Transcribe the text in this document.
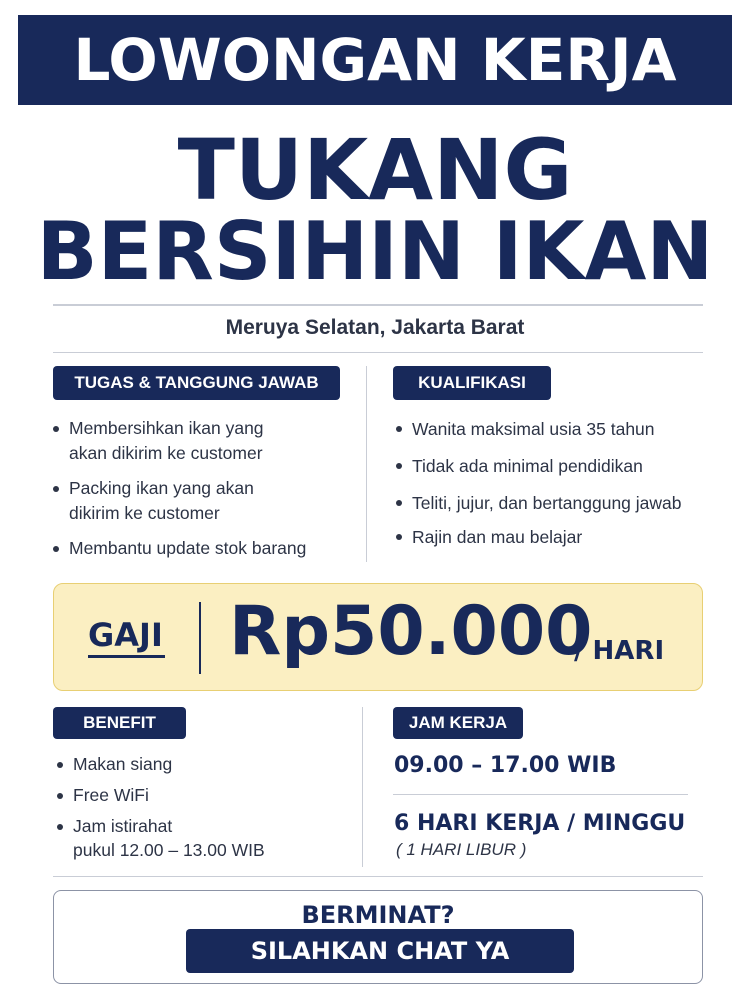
LOWONGAN KERJA
TUKANG
BERSIHIN IKAN
Meruya Selatan, Jakarta Barat
TUGAS & TANGGUNG JAWAB
Membersihkan ikan yang
akan dikirim ke customer
Packing ikan yang akan
dikirim ke customer
Membantu update stok barang
KUALIFIKASI
Wanita maksimal usia 35 tahun
Tidak ada minimal pendidikan
Teliti, jujur, dan bertanggung jawab
Rajin dan mau belajar
GAJI Rp50.000
/ HARI
BENEFIT
Makan siang
Free WiFi
Jam istirahat
pukul 12.00 – 13.00 WIB
JAM KERJA
09.00 – 17.00 WIB
6 HARI KERJA / MINGGU
( 1 HARI LIBUR )
BERMINAT?
SILAHKAN CHAT YA
